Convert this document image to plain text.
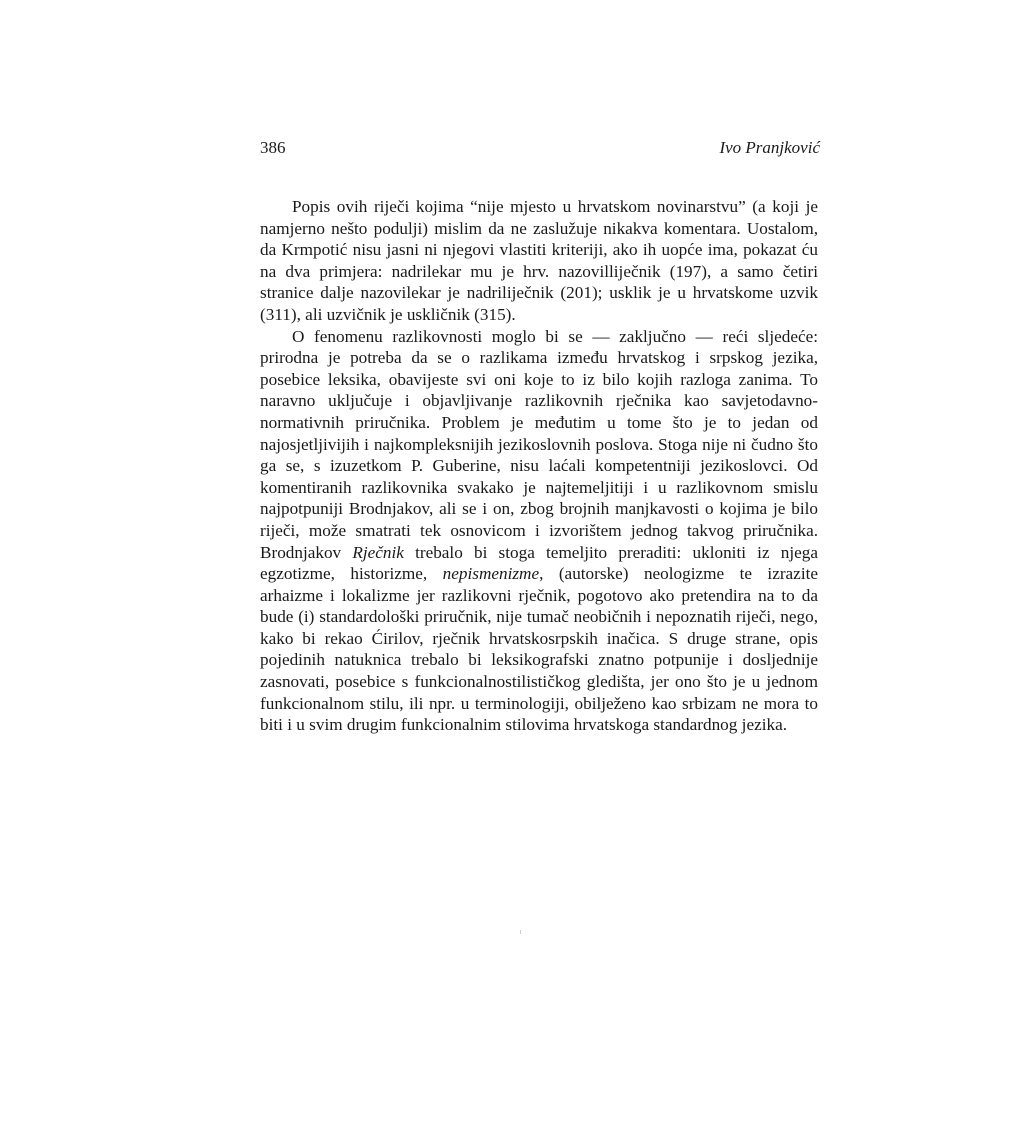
386	Ivo Pranjković

Popis ovih riječi kojima “nije mjesto u hrvatskom novinarstvu” (a koji je namjerno nešto podulji) mislim da ne zaslužuje nikakva komentara. Uostalom, da Krmpotić nisu jasni ni njegovi vlastiti kriteriji, ako ih uopće ima, pokazat ću na dva primjera: nadrilekar mu je hrv. nazovilliječnik (197), a samo četiri stranice dalje nazovilekar je nadriliječnik (201); usklik je u hrvatskome uzvik (311), ali uzvičnik je uskličnik (315).

O fenomenu razlikovnosti moglo bi se — zaključno — reći sljedeće: prirodna je potreba da se o razlikama između hrvatskog i srpskog jezika, posebice leksika, obavijeste svi oni koje to iz bilo kojih razloga zanima. To naravno uključuje i objavljivanje razlikovnih rječnika kao savjetodavno-normativnih priručnika. Problem je međutim u tome što je to jedan od najosjetljivijih i najkompleksnijih jezikoslovnih poslova. Stoga nije ni čudno što ga se, s izuzetkom P. Guberine, nisu laćali kompetentniji jezikoslovci. Od komentiranih razlikovnika svakako je najtemeljitiji i u razlikovnom smislu najpotpuniji Brodnjakov, ali se i on, zbog brojnih manjkavosti o kojima je bilo riječi, može smatrati tek osnovicom i izvorištem jednog takvog priručnika. Brodnjakov Rječnik trebalo bi stoga temeljito preraditi: ukloniti iz njega egzotizme, historizme, nepismenizme, (autorske) neologizme te izrazite arhaizme i lokalizme jer razlikovni rječnik, pogotovo ako pretendira na to da bude (i) standardološki priručnik, nije tumač neobičnih i nepoznatih riječi, nego, kako bi rekao Ćirilov, rječnik hrvatskosrpskih inačica. S druge strane, opis pojedinih natuknica trebalo bi leksikografski znatno potpunije i dosljednije zasnovati, posebice s funkcionalnostilističkog gledišta, jer ono što je u jednom funkcionalnom stilu, ili npr. u terminologiji, obilježeno kao srbizam ne mora to biti i u svim drugim funkcionalnim stilovima hrvatskoga standardnog jezika.
